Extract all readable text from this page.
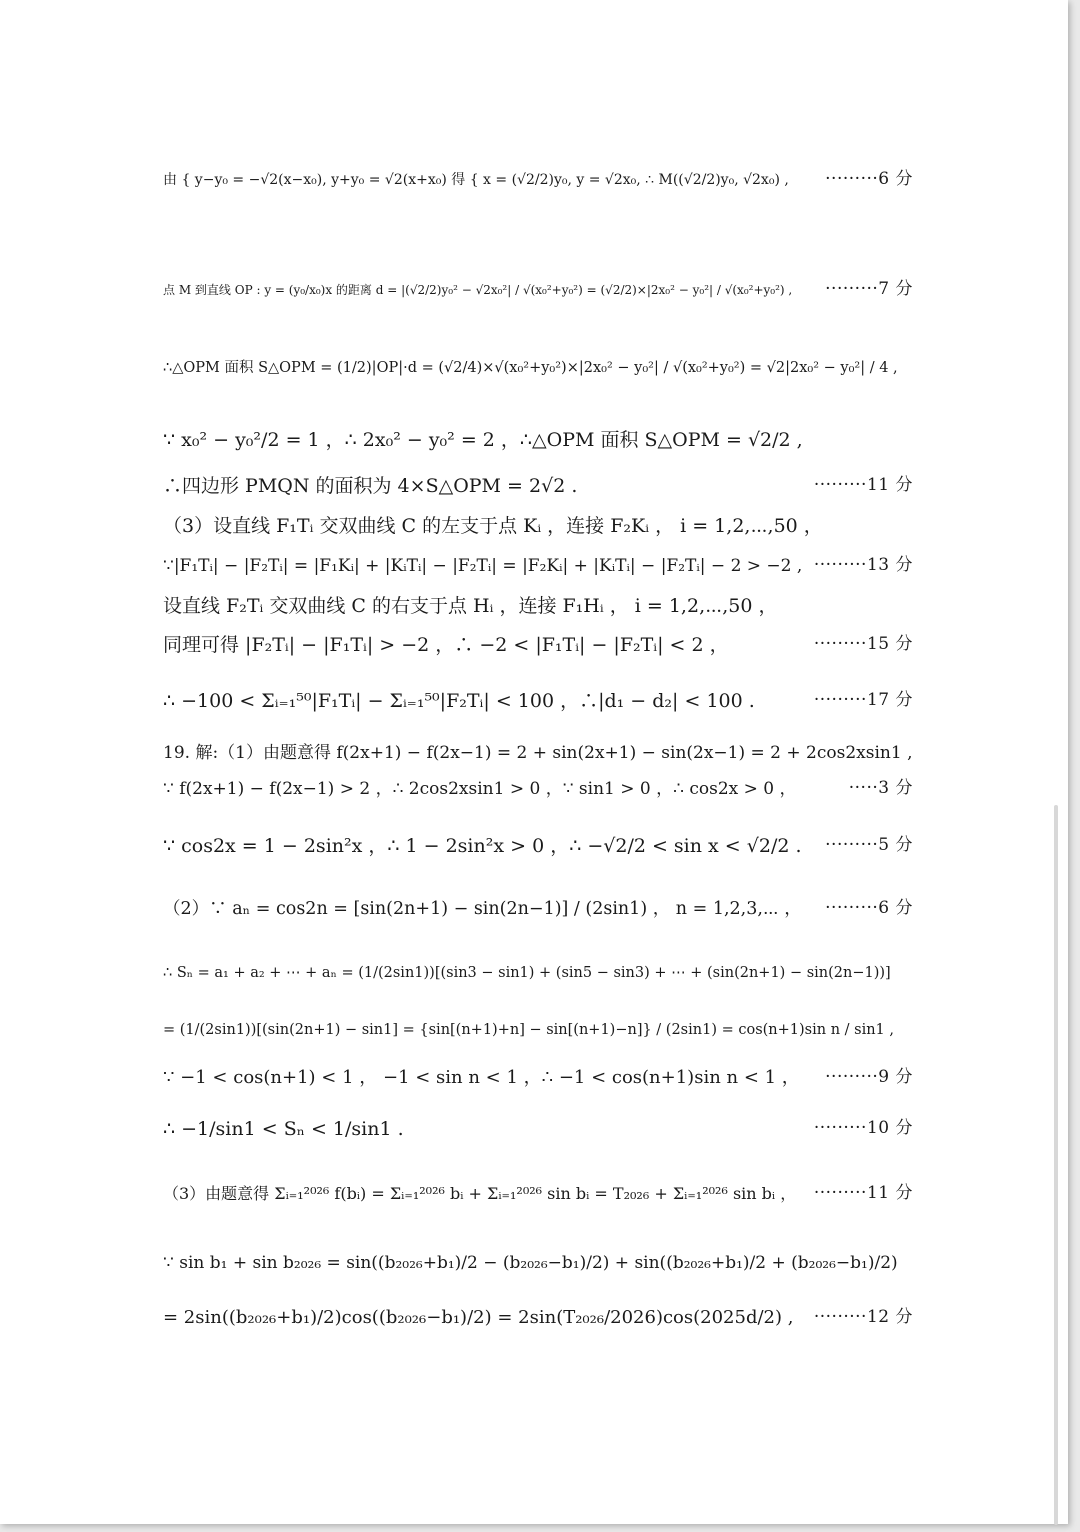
由 { y−y₀ = −√2(x−x₀), y+y₀ = √2(x+x₀) 得 { x = (√2/2)y₀, y = √2x₀, ∴ M((√2/2)y₀, √2x₀) ,	·········6 分
点 M 到直线 OP : y = (y₀/x₀)x 的距离 d = |(√2/2)y₀² − √2x₀²| / √(x₀²+y₀²) = (√2/2)×|2x₀² − y₀²| / √(x₀²+y₀²) ,	·········7 分
∴△OPM 面积 S△OPM = (1/2)|OP|·d = (√2/4)×√(x₀²+y₀²)×|2x₀² − y₀²| / √(x₀²+y₀²) = √2|2x₀² − y₀²| / 4 ,
∵ x₀² − y₀²/2 = 1 ，∴ 2x₀² − y₀² = 2 ，∴△OPM 面积 S△OPM = √2/2 ,
∴四边形 PMQN 的面积为 4×S△OPM = 2√2 .	·········11 分
（3）设直线 F₁Tᵢ 交双曲线 C 的左支于点 Kᵢ ，连接 F₂Kᵢ ， i = 1,2,⋯,50 ，
∵|F₁Tᵢ| − |F₂Tᵢ| = |F₁Kᵢ| + |KᵢTᵢ| − |F₂Tᵢ| = |F₂Kᵢ| + |KᵢTᵢ| − |F₂Tᵢ| − 2 > −2 , ·········13 分
设直线 F₂Tᵢ 交双曲线 C 的右支于点 Hᵢ ，连接 F₁Hᵢ ， i = 1,2,⋯,50 ，
同理可得 |F₂Tᵢ| − |F₁Tᵢ| > −2 ，∴ −2 < |F₁Tᵢ| − |F₂Tᵢ| < 2 ，	·········15 分
∴ −100 < Σᵢ₌₁⁵⁰|F₁Tᵢ| − Σᵢ₌₁⁵⁰|F₂Tᵢ| < 100 ，∴|d₁ − d₂| < 100 .	·········17 分
19. 解:（1）由题意得 f(2x+1) − f(2x−1) = 2 + sin(2x+1) − sin(2x−1) = 2 + 2cos2xsin1 ,
∵ f(2x+1) − f(2x−1) > 2 ，∴ 2cos2xsin1 > 0 ，∵ sin1 > 0 ，∴ cos2x > 0 ，	·····3 分
∵ cos2x = 1 − 2sin²x ，∴ 1 − 2sin²x > 0 ，∴ −√2/2 < sin x < √2/2 .	·········5 分
（2）∵ aₙ = cos2n = [sin(2n+1) − sin(2n−1)] / (2sin1) ， n = 1,2,3,⋯ ，	·········6 分
∴ Sₙ = a₁ + a₂ + ⋯ + aₙ = (1/(2sin1))[(sin3 − sin1) + (sin5 − sin3) + ⋯ + (sin(2n+1) − sin(2n−1))]
= (1/(2sin1))[(sin(2n+1) − sin1] = {sin[(n+1)+n] − sin[(n+1)−n]} / (2sin1) = cos(n+1)sin n / sin1 ,
∵ −1 < cos(n+1) < 1 ， −1 < sin n < 1 ，∴ −1 < cos(n+1)sin n < 1 ，	·········9 分
∴ −1/sin1 < Sₙ < 1/sin1 .	·········10 分
（3）由题意得 Σᵢ₌₁²⁰²⁶ f(bᵢ) = Σᵢ₌₁²⁰²⁶ bᵢ + Σᵢ₌₁²⁰²⁶ sin bᵢ = T₂₀₂₆ + Σᵢ₌₁²⁰²⁶ sin bᵢ ，	·········11 分
∵ sin b₁ + sin b₂₀₂₆ = sin((b₂₀₂₆+b₁)/2 − (b₂₀₂₆−b₁)/2) + sin((b₂₀₂₆+b₁)/2 + (b₂₀₂₆−b₁)/2)
= 2sin((b₂₀₂₆+b₁)/2)cos((b₂₀₂₆−b₁)/2) = 2sin(T₂₀₂₆/2026)cos(2025d/2) ,	·········12 分
